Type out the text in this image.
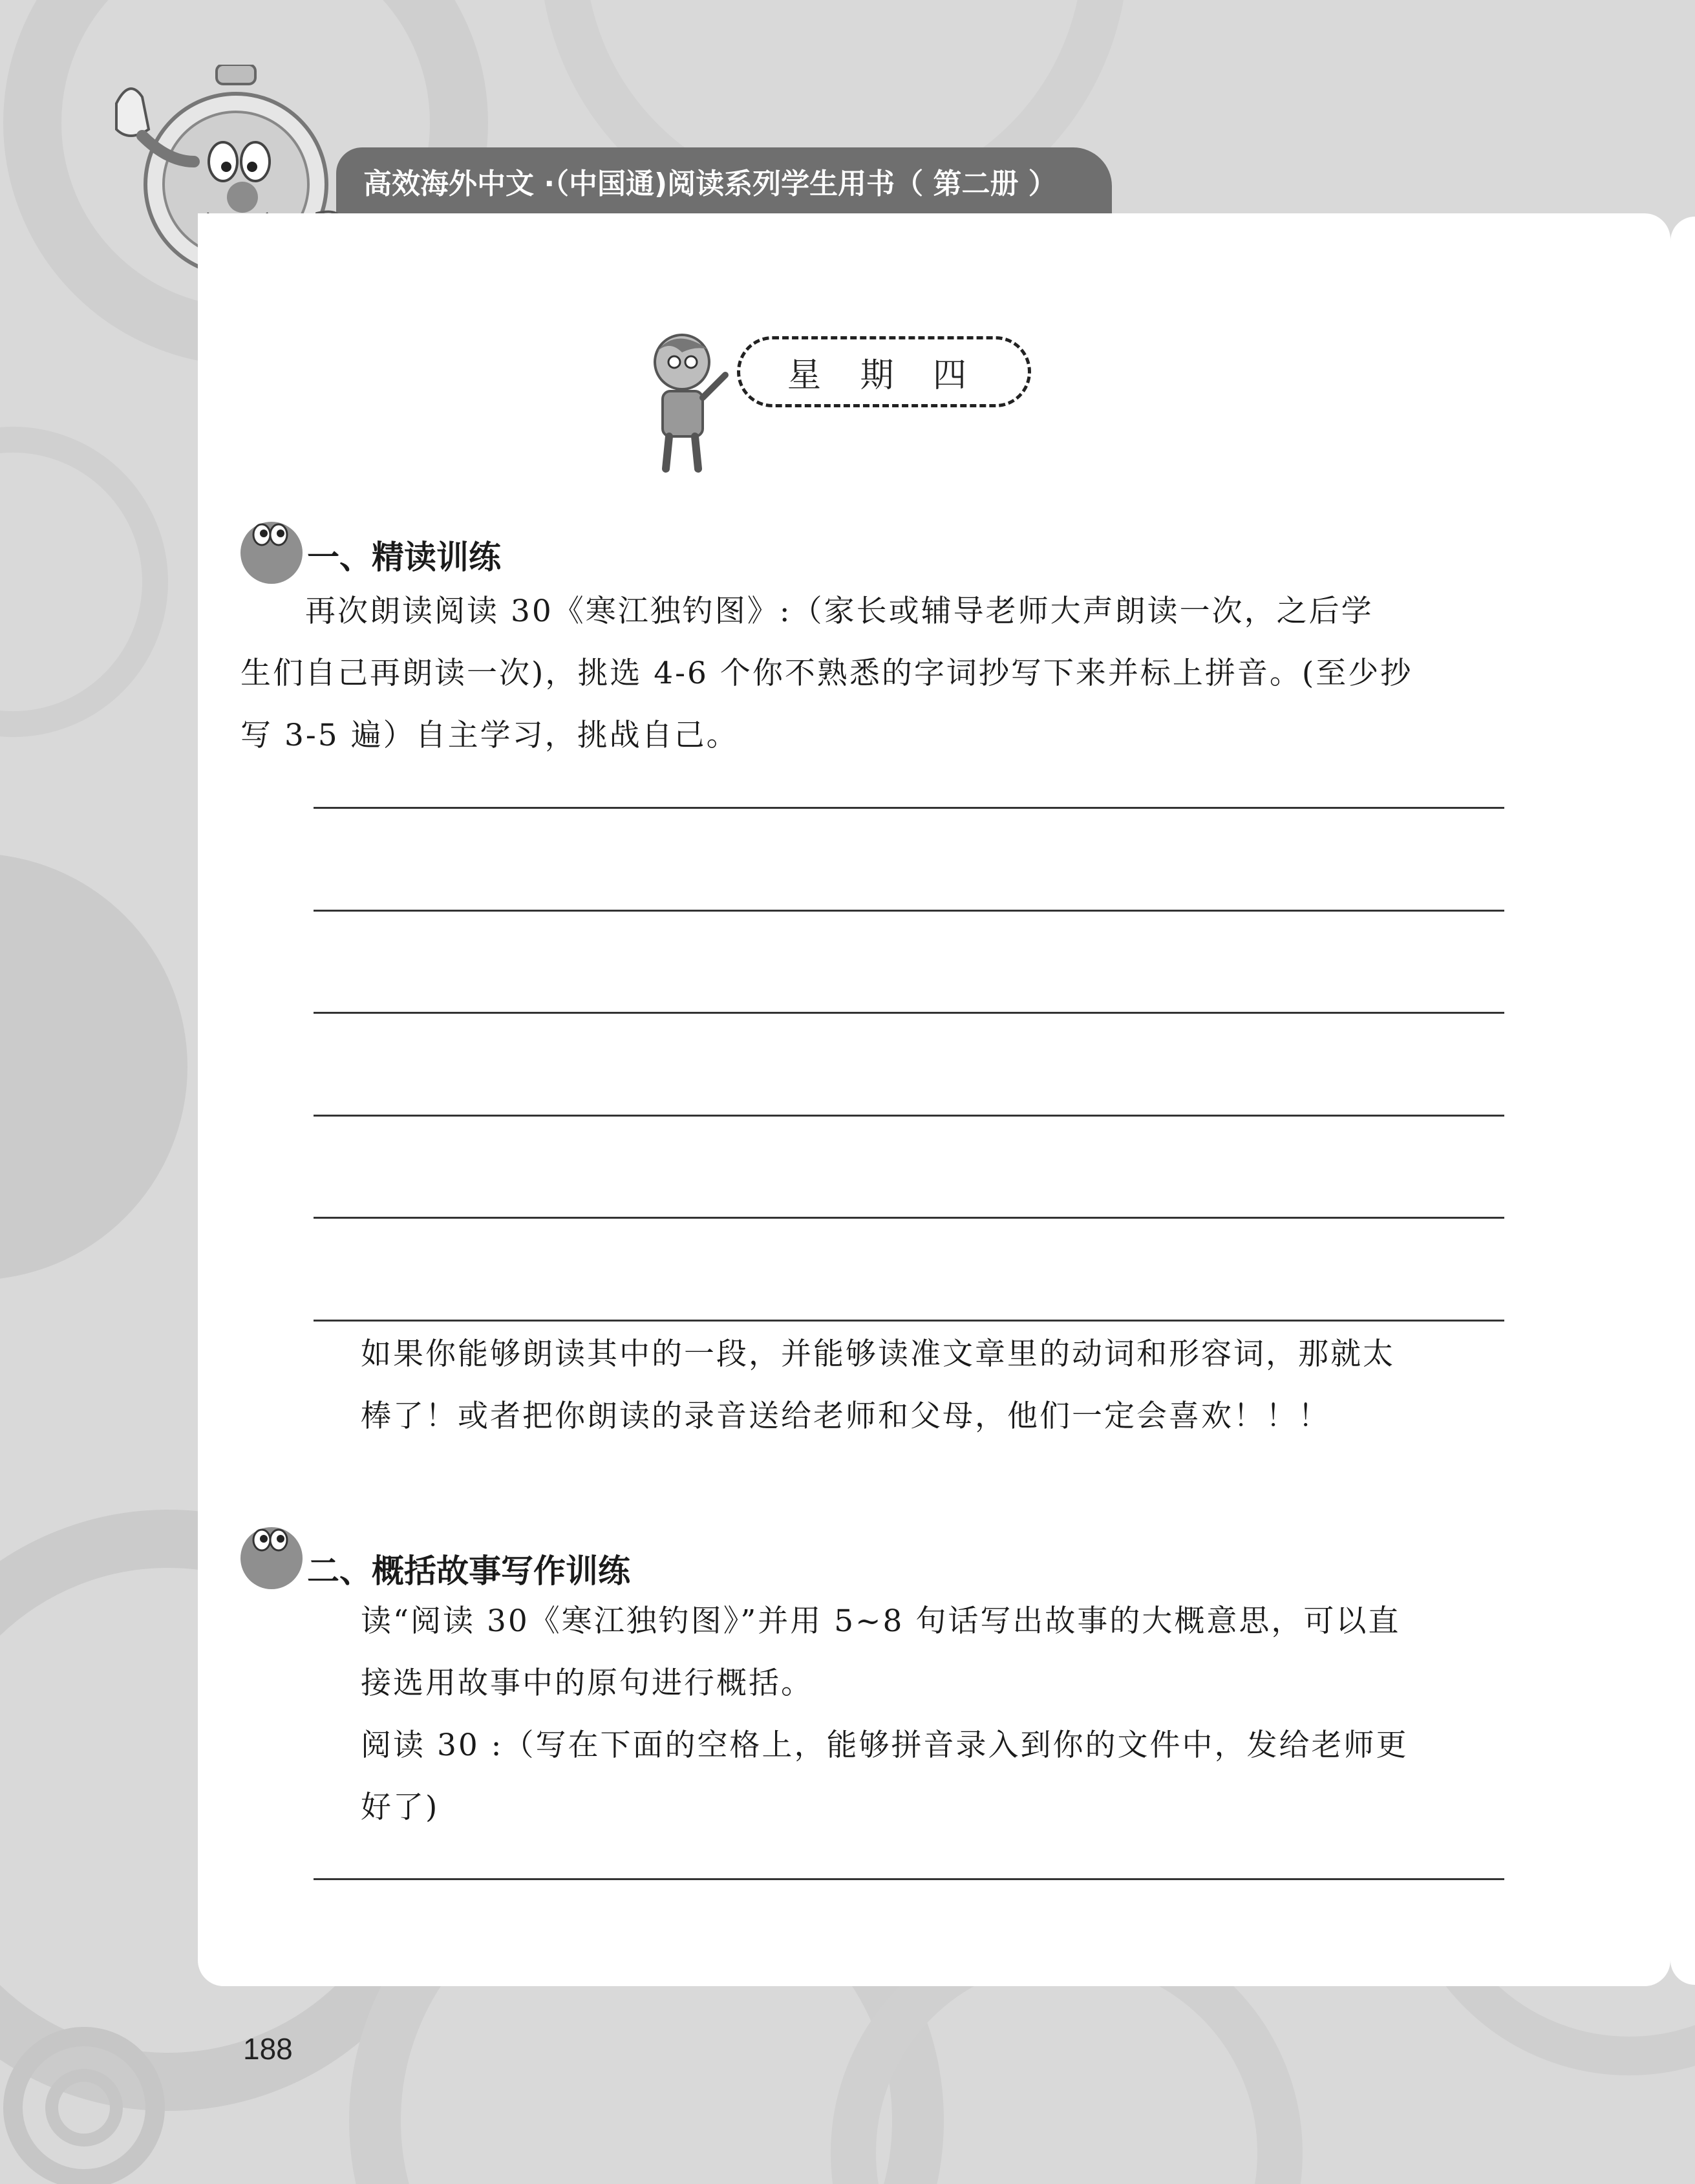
高效海外中文 ·（中国通)阅读系列学生用书（ 第二册 ）
星 期 四
一、精读训练

　　再次朗读阅读 30《寒江独钓图》:（家长或辅导老师大声朗读一次，之后学

生们自己再朗读一次)，挑选 4-6 个你不熟悉的字词抄写下来并标上拼音。(至少抄

写 3-5 遍）自主学习，挑战自己。

如果你能够朗读其中的一段，并能够读准文章里的动词和形容词，那就太

棒了！或者把你朗读的录音送给老师和父母，他们一定会喜欢！！！

二、概括故事写作训练

读“阅读 30《寒江独钓图》”并用 5~8 句话写出故事的大概意思，可以直

接选用故事中的原句进行概括。

阅读 30 :（写在下面的空格上，能够拼音录入到你的文件中，发给老师更

好了)

188
